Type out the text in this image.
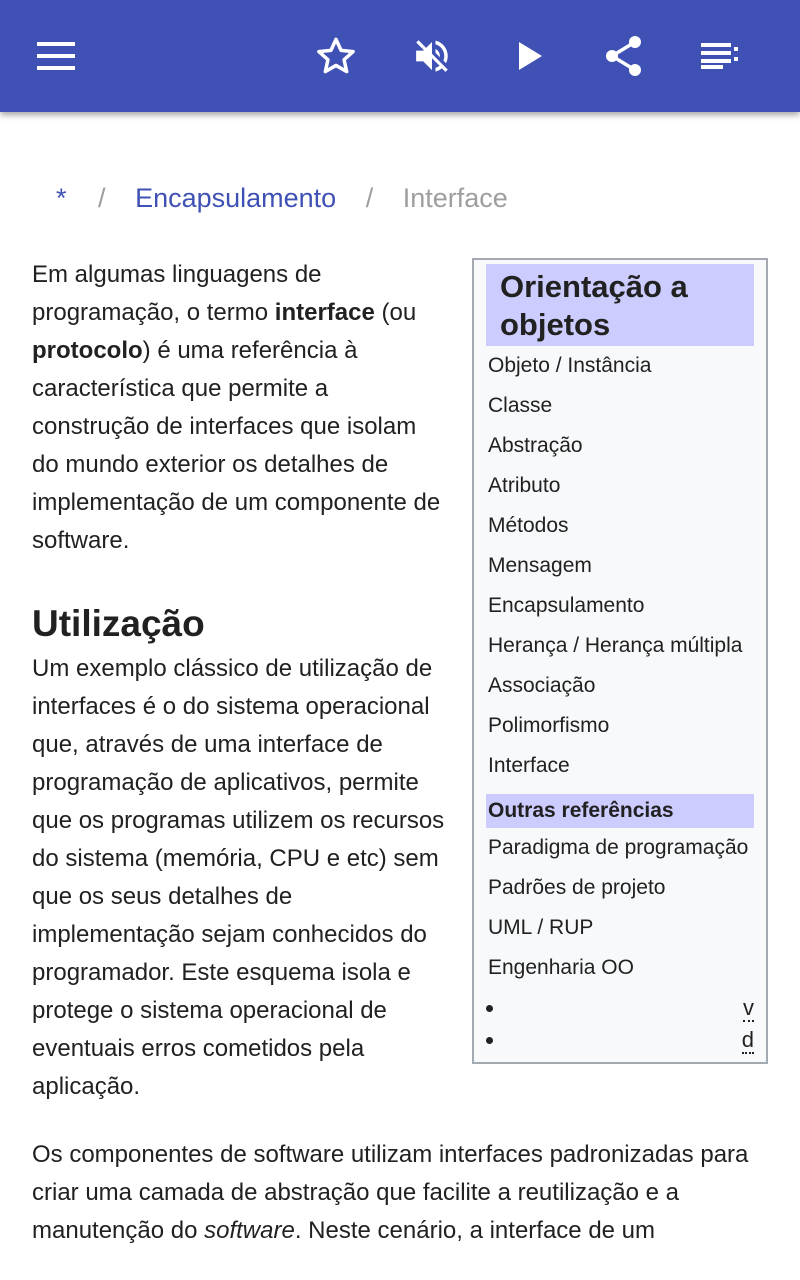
* / Encapsulamento / Interface
Orientação a objetos
Objeto / Instância
Classe
Abstração
Atributo
Métodos
Mensagem
Encapsulamento
Herança / Herança múltipla
Associação
Polimorfismo
Interface
Outras referências
Paradigma de programação
Padrões de projeto
UML / RUP
Engenharia OO
• v
• d

Em algumas linguagens de programação, o termo interface (ou protocolo) é uma referência à característica que permite a construção de interfaces que isolam do mundo exterior os detalhes de implementação de um componente de software.

Utilização

Um exemplo clássico de utilização de interfaces é o do sistema operacional que, através de uma interface de programação de aplicativos, permite que os programas utilizem os recursos do sistema (memória, CPU e etc) sem que os seus detalhes de implementação sejam conhecidos do programador. Este esquema isola e protege o sistema operacional de eventuais erros cometidos pela aplicação.

Os componentes de software utilizam interfaces padronizadas para criar uma camada de abstração que facilite a reutilização e a manutenção do software. Neste cenário, a interface de um
